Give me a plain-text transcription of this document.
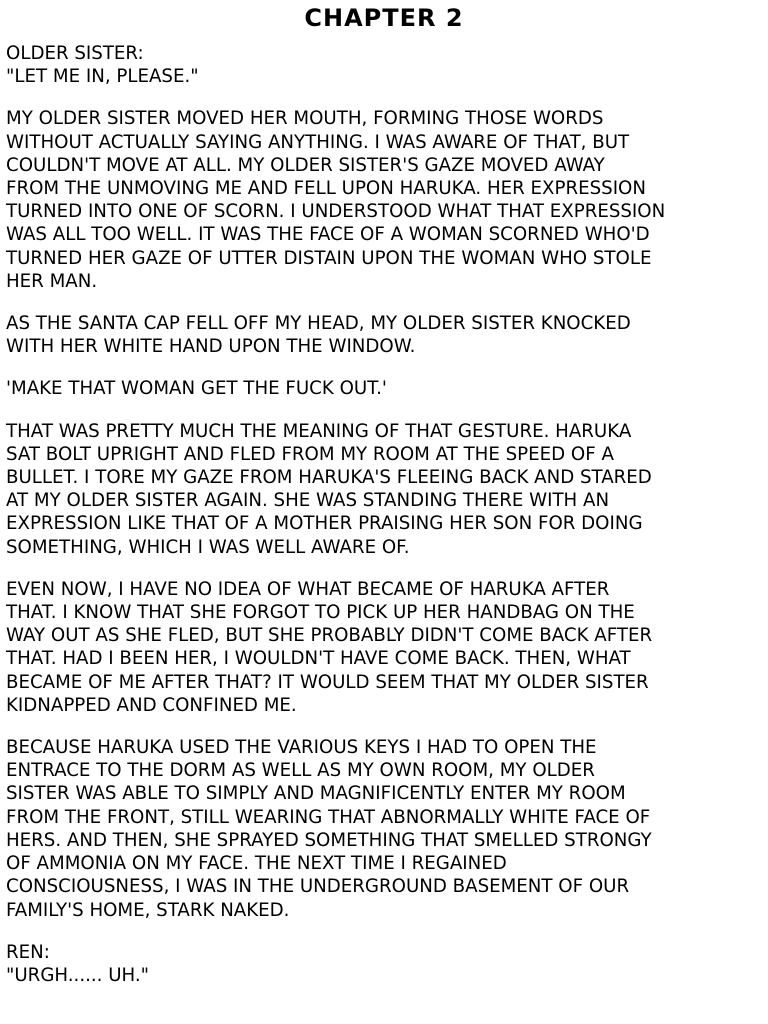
CHAPTER 2
OLDER SISTER:
"LET ME IN, PLEASE."
MY OLDER SISTER MOVED HER MOUTH, FORMING THOSE WORDS
WITHOUT ACTUALLY SAYING ANYTHING. I WAS AWARE OF THAT, BUT
COULDN'T MOVE AT ALL. MY OLDER SISTER'S GAZE MOVED AWAY
FROM THE UNMOVING ME AND FELL UPON HARUKA. HER EXPRESSION
TURNED INTO ONE OF SCORN. I UNDERSTOOD WHAT THAT EXPRESSION
WAS ALL TOO WELL. IT WAS THE FACE OF A WOMAN SCORNED WHO'D
TURNED HER GAZE OF UTTER DISTAIN UPON THE WOMAN WHO STOLE
HER MAN.
AS THE SANTA CAP FELL OFF MY HEAD, MY OLDER SISTER KNOCKED
WITH HER WHITE HAND UPON THE WINDOW.
'MAKE THAT WOMAN GET THE FUCK OUT.'
THAT WAS PRETTY MUCH THE MEANING OF THAT GESTURE. HARUKA
SAT BOLT UPRIGHT AND FLED FROM MY ROOM AT THE SPEED OF A
BULLET. I TORE MY GAZE FROM HARUKA'S FLEEING BACK AND STARED
AT MY OLDER SISTER AGAIN. SHE WAS STANDING THERE WITH AN
EXPRESSION LIKE THAT OF A MOTHER PRAISING HER SON FOR DOING
SOMETHING, WHICH I WAS WELL AWARE OF.
EVEN NOW, I HAVE NO IDEA OF WHAT BECAME OF HARUKA AFTER
THAT. I KNOW THAT SHE FORGOT TO PICK UP HER HANDBAG ON THE
WAY OUT AS SHE FLED, BUT SHE PROBABLY DIDN'T COME BACK AFTER
THAT. HAD I BEEN HER, I WOULDN'T HAVE COME BACK. THEN, WHAT
BECAME OF ME AFTER THAT? IT WOULD SEEM THAT MY OLDER SISTER
KIDNAPPED AND CONFINED ME.
BECAUSE HARUKA USED THE VARIOUS KEYS I HAD TO OPEN THE
ENTRACE TO THE DORM AS WELL AS MY OWN ROOM, MY OLDER
SISTER WAS ABLE TO SIMPLY AND MAGNIFICENTLY ENTER MY ROOM
FROM THE FRONT, STILL WEARING THAT ABNORMALLY WHITE FACE OF
HERS. AND THEN, SHE SPRAYED SOMETHING THAT SMELLED STRONGY
OF AMMONIA ON MY FACE. THE NEXT TIME I REGAINED
CONSCIOUSNESS, I WAS IN THE UNDERGROUND BASEMENT OF OUR
FAMILY'S HOME, STARK NAKED.
REN:
"URGH...... UH."
